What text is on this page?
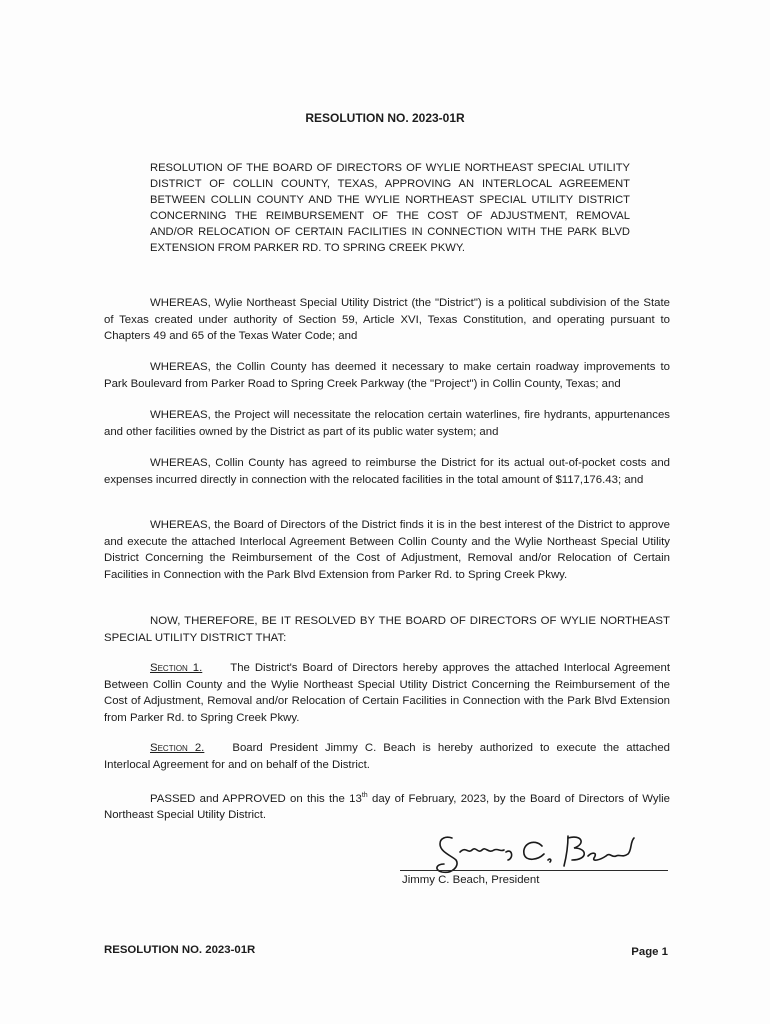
RESOLUTION NO. 2023-01R
RESOLUTION OF THE BOARD OF DIRECTORS OF WYLIE NORTHEAST SPECIAL UTILITY DISTRICT OF COLLIN COUNTY, TEXAS, APPROVING AN INTERLOCAL AGREEMENT BETWEEN COLLIN COUNTY AND THE WYLIE NORTHEAST SPECIAL UTILITY DISTRICT CONCERNING THE REIMBURSEMENT OF THE COST OF ADJUSTMENT, REMOVAL AND/OR RELOCATION OF CERTAIN FACILITIES IN CONNECTION WITH THE PARK BLVD EXTENSION FROM PARKER RD. TO SPRING CREEK PKWY.
WHEREAS, Wylie Northeast Special Utility District (the "District") is a political subdivision of the State of Texas created under authority of Section 59, Article XVI, Texas Constitution, and operating pursuant to Chapters 49 and 65 of the Texas Water Code; and
WHEREAS, the Collin County has deemed it necessary to make certain roadway improvements to Park Boulevard from Parker Road to Spring Creek Parkway (the "Project") in Collin County, Texas; and
WHEREAS, the Project will necessitate the relocation certain waterlines, fire hydrants, appurtenances and other facilities owned by the District as part of its public water system; and
WHEREAS, Collin County has agreed to reimburse the District for its actual out-of-pocket costs and expenses incurred directly in connection with the relocated facilities in the total amount of $117,176.43; and
WHEREAS, the Board of Directors of the District finds it is in the best interest of the District to approve and execute the attached Interlocal Agreement Between Collin County and the Wylie Northeast Special Utility District Concerning the Reimbursement of the Cost of Adjustment, Removal and/or Relocation of Certain Facilities in Connection with the Park Blvd Extension from Parker Rd. to Spring Creek Pkwy.
NOW, THEREFORE, BE IT RESOLVED BY THE BOARD OF DIRECTORS OF WYLIE NORTHEAST SPECIAL UTILITY DISTRICT THAT:
Section 1. The District's Board of Directors hereby approves the attached Interlocal Agreement Between Collin County and the Wylie Northeast Special Utility District Concerning the Reimbursement of the Cost of Adjustment, Removal and/or Relocation of Certain Facilities in Connection with the Park Blvd Extension from Parker Rd. to Spring Creek Pkwy.
Section 2. Board President Jimmy C. Beach is hereby authorized to execute the attached Interlocal Agreement for and on behalf of the District.
PASSED and APPROVED on this the 13th day of February, 2023, by the Board of Directors of Wylie Northeast Special Utility District.
Jimmy C. Beach, President
RESOLUTION NO. 2023-01R	Page 1
